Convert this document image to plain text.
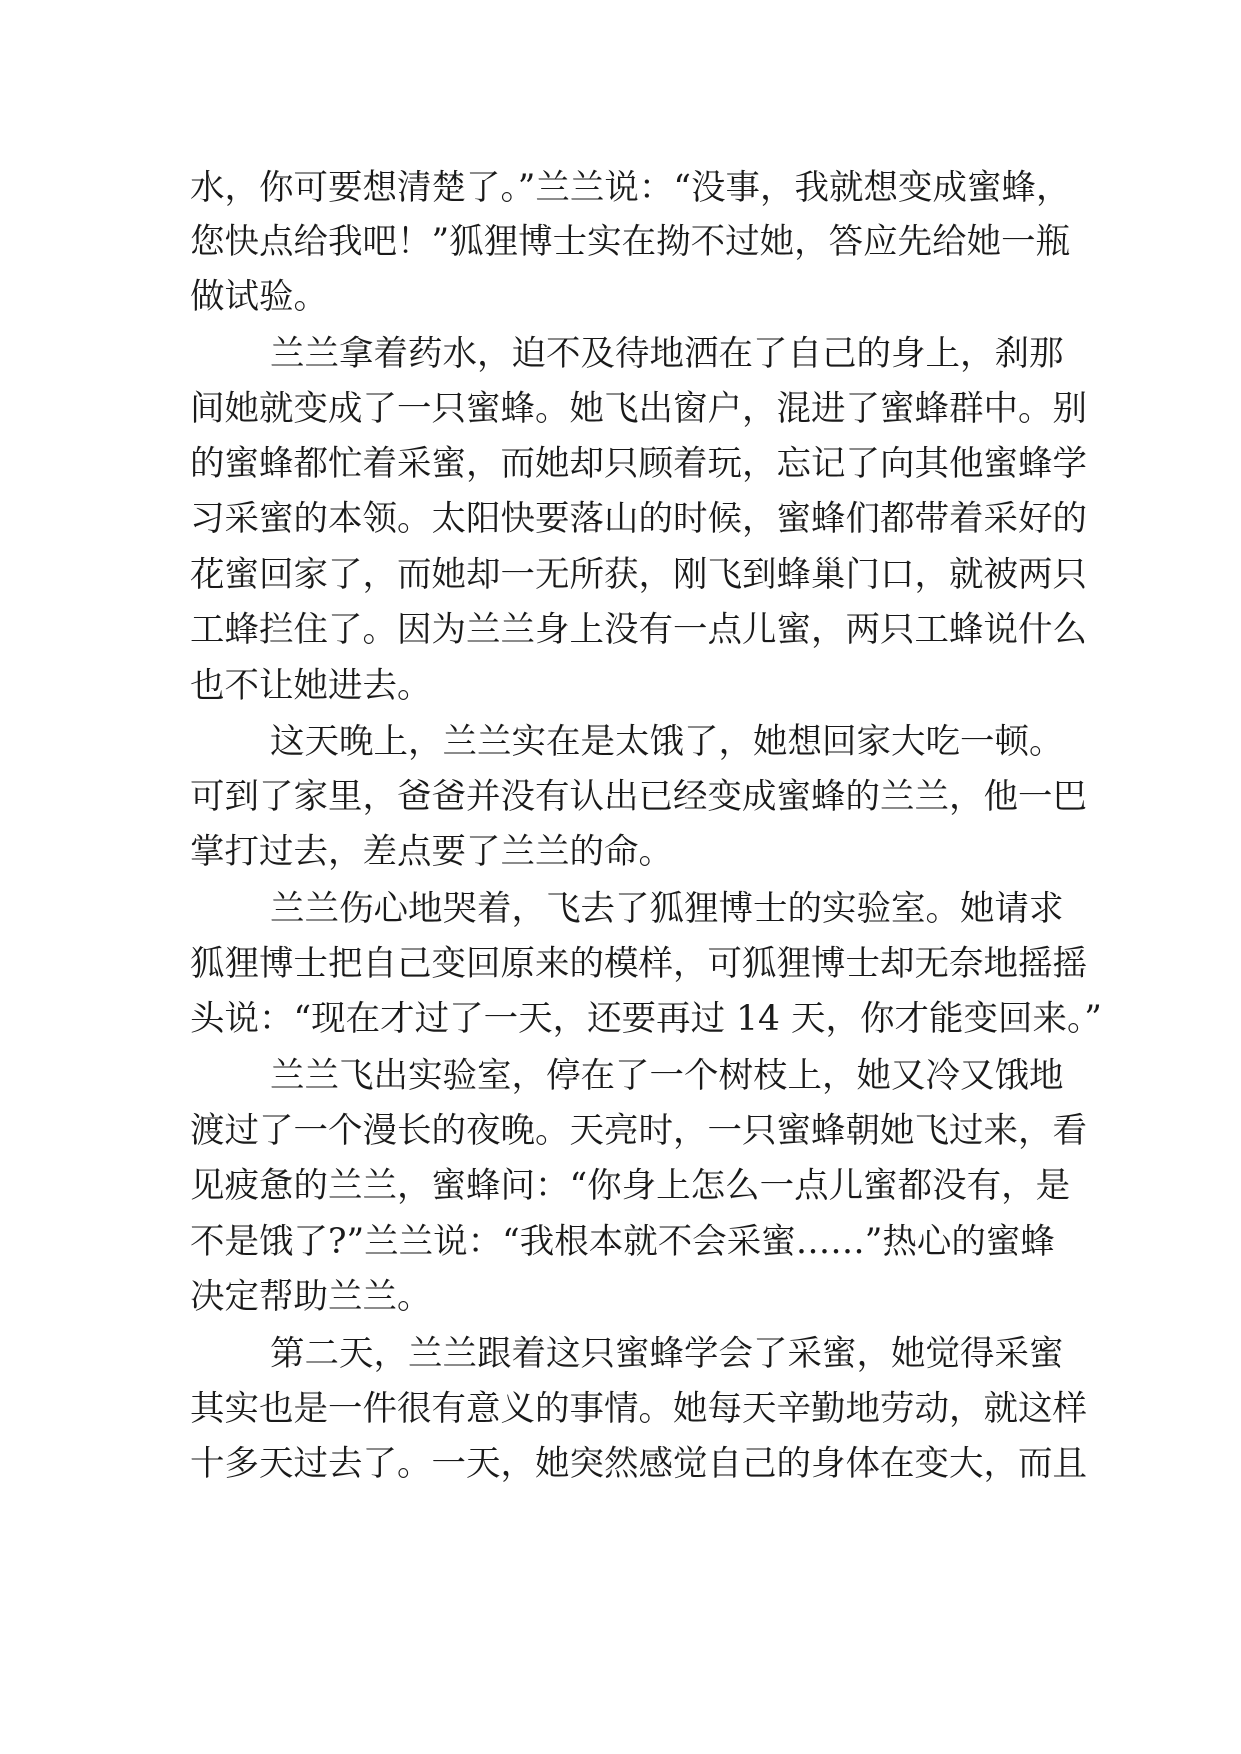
水，你可要想清楚了。”兰兰说：“没事，我就想变成蜜蜂，
您快点给我吧！”狐狸博士实在拗不过她，答应先给她一瓶
做试验。
兰兰拿着药水，迫不及待地洒在了自己的身上，刹那
间她就变成了一只蜜蜂。她飞出窗户，混进了蜜蜂群中。别
的蜜蜂都忙着采蜜，而她却只顾着玩，忘记了向其他蜜蜂学
习采蜜的本领。太阳快要落山的时候，蜜蜂们都带着采好的
花蜜回家了，而她却一无所获，刚飞到蜂巢门口，就被两只
工蜂拦住了。因为兰兰身上没有一点儿蜜，两只工蜂说什么
也不让她进去。
这天晚上，兰兰实在是太饿了，她想回家大吃一顿。
可到了家里，爸爸并没有认出已经变成蜜蜂的兰兰，他一巴
掌打过去，差点要了兰兰的命。
兰兰伤心地哭着，飞去了狐狸博士的实验室。她请求
狐狸博士把自己变回原来的模样，可狐狸博士却无奈地摇摇
头说：“现在才过了一天，还要再过 14 天，你才能变回来。”
兰兰飞出实验室，停在了一个树枝上，她又冷又饿地
渡过了一个漫长的夜晚。天亮时，一只蜜蜂朝她飞过来，看
见疲惫的兰兰，蜜蜂问：“你身上怎么一点儿蜜都没有，是
不是饿了?”兰兰说：“我根本就不会采蜜……”热心的蜜蜂
决定帮助兰兰。
第二天，兰兰跟着这只蜜蜂学会了采蜜，她觉得采蜜
其实也是一件很有意义的事情。她每天辛勤地劳动，就这样
十多天过去了。一天，她突然感觉自己的身体在变大，而且
